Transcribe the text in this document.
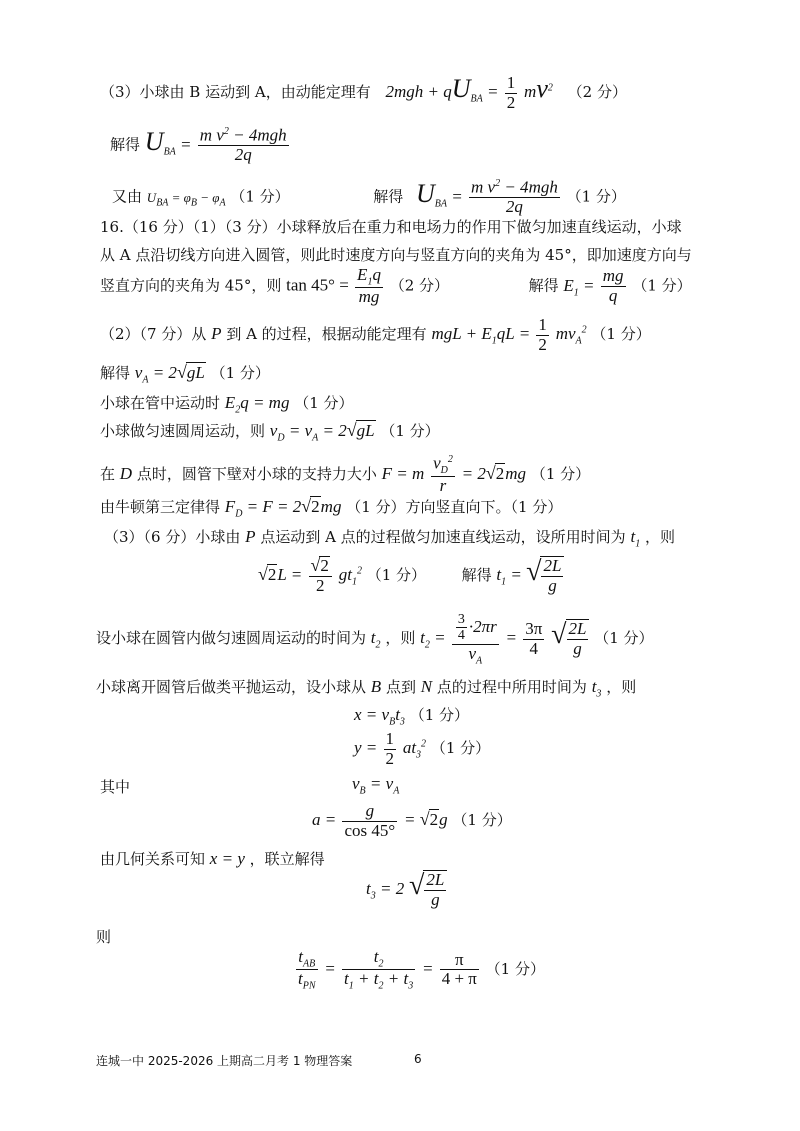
（3）小球由 B 运动到 A，由动能定理有 $2mgh + qU_{BA} = \frac{1}{2} mv^2$ （2 分）
解得 $U_{BA} = \frac{m v^2 - 4mgh}{2q}$
又由 $U_{BA} = \varphi_B - \varphi_A$ （1 分）	解得 $U_{BA} = \frac{m v^2 - 4mgh}{2q} (1$ 分）
16.（16 分）（1）（3 分）小球释放后在重力和电场力的作用下做匀加速直线运动，小球
从 A 点沿切线方向进入圆管，则此时速度方向与竖直方向的夹角为 45°，即加速度方向与
竖直方向的夹角为 45°，则 $\tan 45^\circ = \frac{E_1q}{mg} (2$ 分）	解得 $E_1 = \frac{mg}{q} (1$ 分）
（2）（7 分）从 P 到 A 的过程，根据动能定理有 mgL + $E_1qL = \frac{1}{2} mv_A^2$ （1 分）
解得 $v_A = 2√gL$ （1 分）
小球在管中运动时 $E_2q$ = mg （1 分）
小球做匀速圆周运动，则 $v_D = v_A = 2√gL$ （1 分）
在 D 点时，圆管下壁对小球的支持力大小 F = m $\frac{v_D^2}{r} = 2√2mg$ （1 分）
由牛顿第三定律得 $F_D = F = 2√2mg$ （1 分）方向竖直向下。（1 分）
（3）（6 分）小球由 P 点运动到 A 点的过程做匀加速直线运动，设所用时间为 $t_1$ ，则
$√2L = \frac{√2}{2} gt_1^2$ （1 分） 解得 $t_1$ = √ $\frac{2L}{g}$
设小球在圆管内做匀速圆周运动的时间为 $t_2$ ，则 $t_2 = \frac{\frac{3}{4} \cdot 2\pi r}{v_A} = \frac{3\pi}{4}$ √ $\frac{2L}{g} (1$ 分）
小球离开圆管后做类平抛运动，设小球从 B 点到 N 点的过程中所用时间为 $t_3$ ，则
$x = v_Bt_3$ （1 分）
$y = \frac{1}{2} at_3^2$ （1 分）
其中	$v_B = v_A$
$a = \frac{g}{\cos 45^\circ} = √2g$ （1 分）
由几何关系可知 x = y ，联立解得
$t_3 = 2$ √ $\frac{2L}{g}$
则
$\frac{t_{AB}}{t_{PN}} = \frac{t_2}{t_1 + t_2 + t_3} = \frac{\pi}{4 + \pi} (1$ 分）
连城一中 2025-2026 上期高二月考 1 物理答案	6
